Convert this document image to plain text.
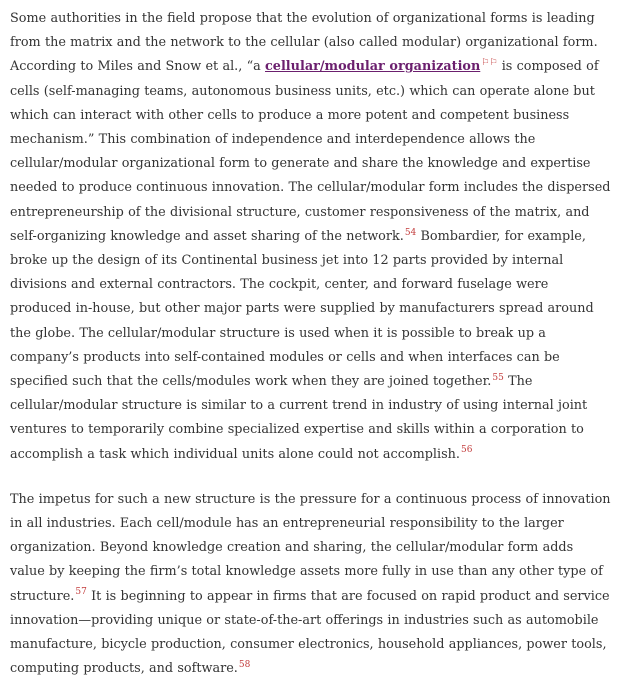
Some authorities in the field propose that the evolution of organizational forms is leading from the matrix and the network to the cellular (also called modular) organizational form. According to Miles and Snow et al., “a cellular/modular organization⚐⚐ is composed of cells (self-managing teams, autonomous business units, etc.) which can operate alone but which can interact with other cells to produce a more potent and competent business mechanism.” This combination of independence and interdependence allows the cellular/modular organizational form to generate and share the knowledge and expertise needed to produce continuous innovation. The cellular/modular form includes the dispersed entrepreneurship of the divisional structure, customer responsiveness of the matrix, and self-organizing knowledge and asset sharing of the network.$^{54}$ Bombardier, for example, broke up the design of its Continental business jet into 12 parts provided by internal divisions and external contractors. The cockpit, center, and forward fuselage were produced in-house, but other major parts were supplied by manufacturers spread around the globe. The cellular/modular structure is used when it is possible to break up a company’s products into self-contained modules or cells and when interfaces can be specified such that the cells/modules work when they are joined together.$^{55}$ The cellular/modular structure is similar to a current trend in industry of using internal joint ventures to temporarily combine specialized expertise and skills within a corporation to accomplish a task which individual units alone could not accomplish.$^{56}$

The impetus for such a new structure is the pressure for a continuous process of innovation in all industries. Each cell/module has an entrepreneurial responsibility to the larger organization. Beyond knowledge creation and sharing, the cellular/modular form adds value by keeping the firm’s total knowledge assets more fully in use than any other type of structure.$^{57}$ It is beginning to appear in firms that are focused on rapid product and service innovation—providing unique or state-of-the-art offerings in industries such as automobile manufacture, bicycle production, consumer electronics, household appliances, power tools, computing products, and software.$^{58}$
